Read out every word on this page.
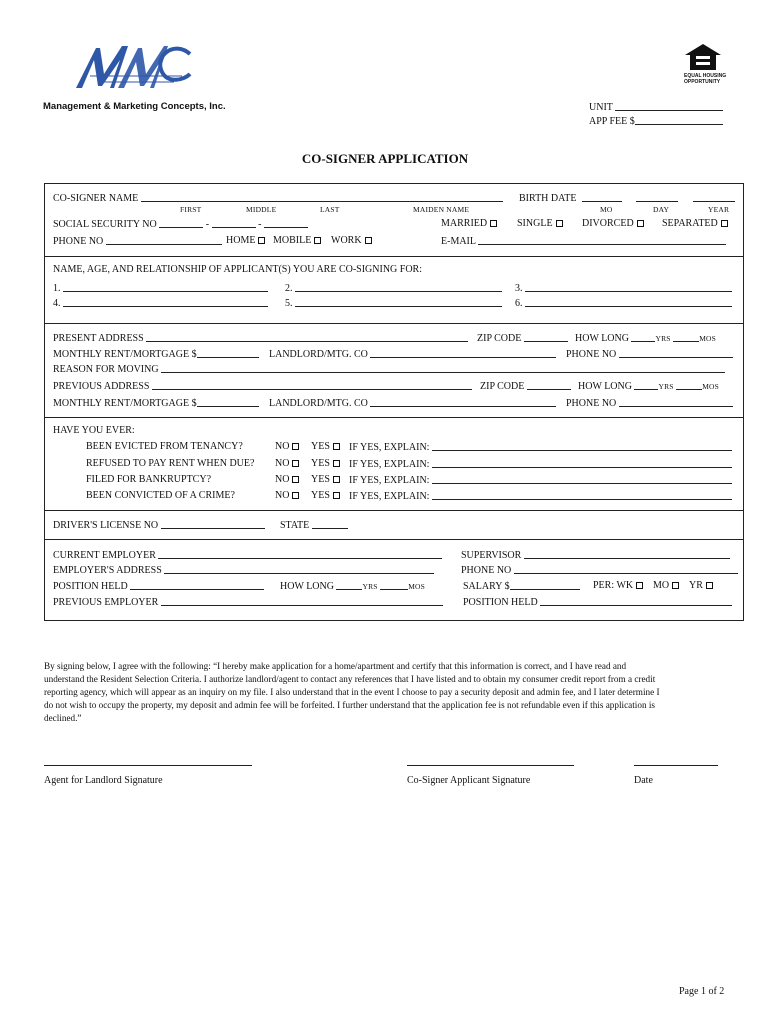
Management & Marketing Concepts, Inc.
EQUAL HOUSING
OPPORTUNITY
UNIT
APP FEE $
CO-SIGNER APPLICATION
CO-SIGNER NAME
FIRST	MIDDLE	LAST	MAIDEN NAME
BIRTH DATE
MO	DAY	YEAR
SOCIAL SECURITY NO	-	-	MARRIED	SINGLE	DIVORCED	SEPARATED
PHONE NO	HOME	MOBILE	WORK	E-MAIL
NAME, AGE, AND RELATIONSHIP OF APPLICANT(S) YOU ARE CO-SIGNING FOR:
1.	2.	3.
4.	5.	6.
PRESENT ADDRESS	ZIP CODE	HOW LONG	YRS	MOS
MONTHLY RENT/MORTGAGE $	LANDLORD/MTG. CO	PHONE NO
REASON FOR MOVING
PREVIOUS ADDRESS	ZIP CODE	HOW LONG	YRS	MOS
MONTHLY RENT/MORTGAGE $	LANDLORD/MTG. CO	PHONE NO
HAVE YOU EVER:
BEEN EVICTED FROM TENANCY?	NO	YES	IF YES, EXPLAIN:
REFUSED TO PAY RENT WHEN DUE? NO	YES	IF YES, EXPLAIN:
FILED FOR BANKRUPTCY?	NO	YES	IF YES, EXPLAIN:
BEEN CONVICTED OF A CRIME?	NO	YES	IF YES, EXPLAIN:
DRIVER'S LICENSE NO	STATE
CURRENT EMPLOYER	SUPERVISOR
EMPLOYER'S ADDRESS	PHONE NO
POSITION HELD	HOW LONG	YRS	MOS	SALARY $	PER: WK	MO	YR
PREVIOUS EMPLOYER	POSITION HELD
By signing below, I agree with the following: “I hereby make application for a home/apartment and certify that this information is correct, and I have read and
understand the Resident Selection Criteria. I authorize landlord/agent to contact any references that I have listed and to obtain my consumer credit report from a credit
reporting agency, which will appear as an inquiry on my file. I also understand that in the event I choose to pay a security deposit and admin fee, and I later determine I
do not wish to occupy the property, my deposit and admin fee will be forfeited. I further understand that the application fee is not refundable even if this application is
declined.”
Agent for Landlord Signature	Co-Signer Applicant Signature	Date
Page 1 of 2
